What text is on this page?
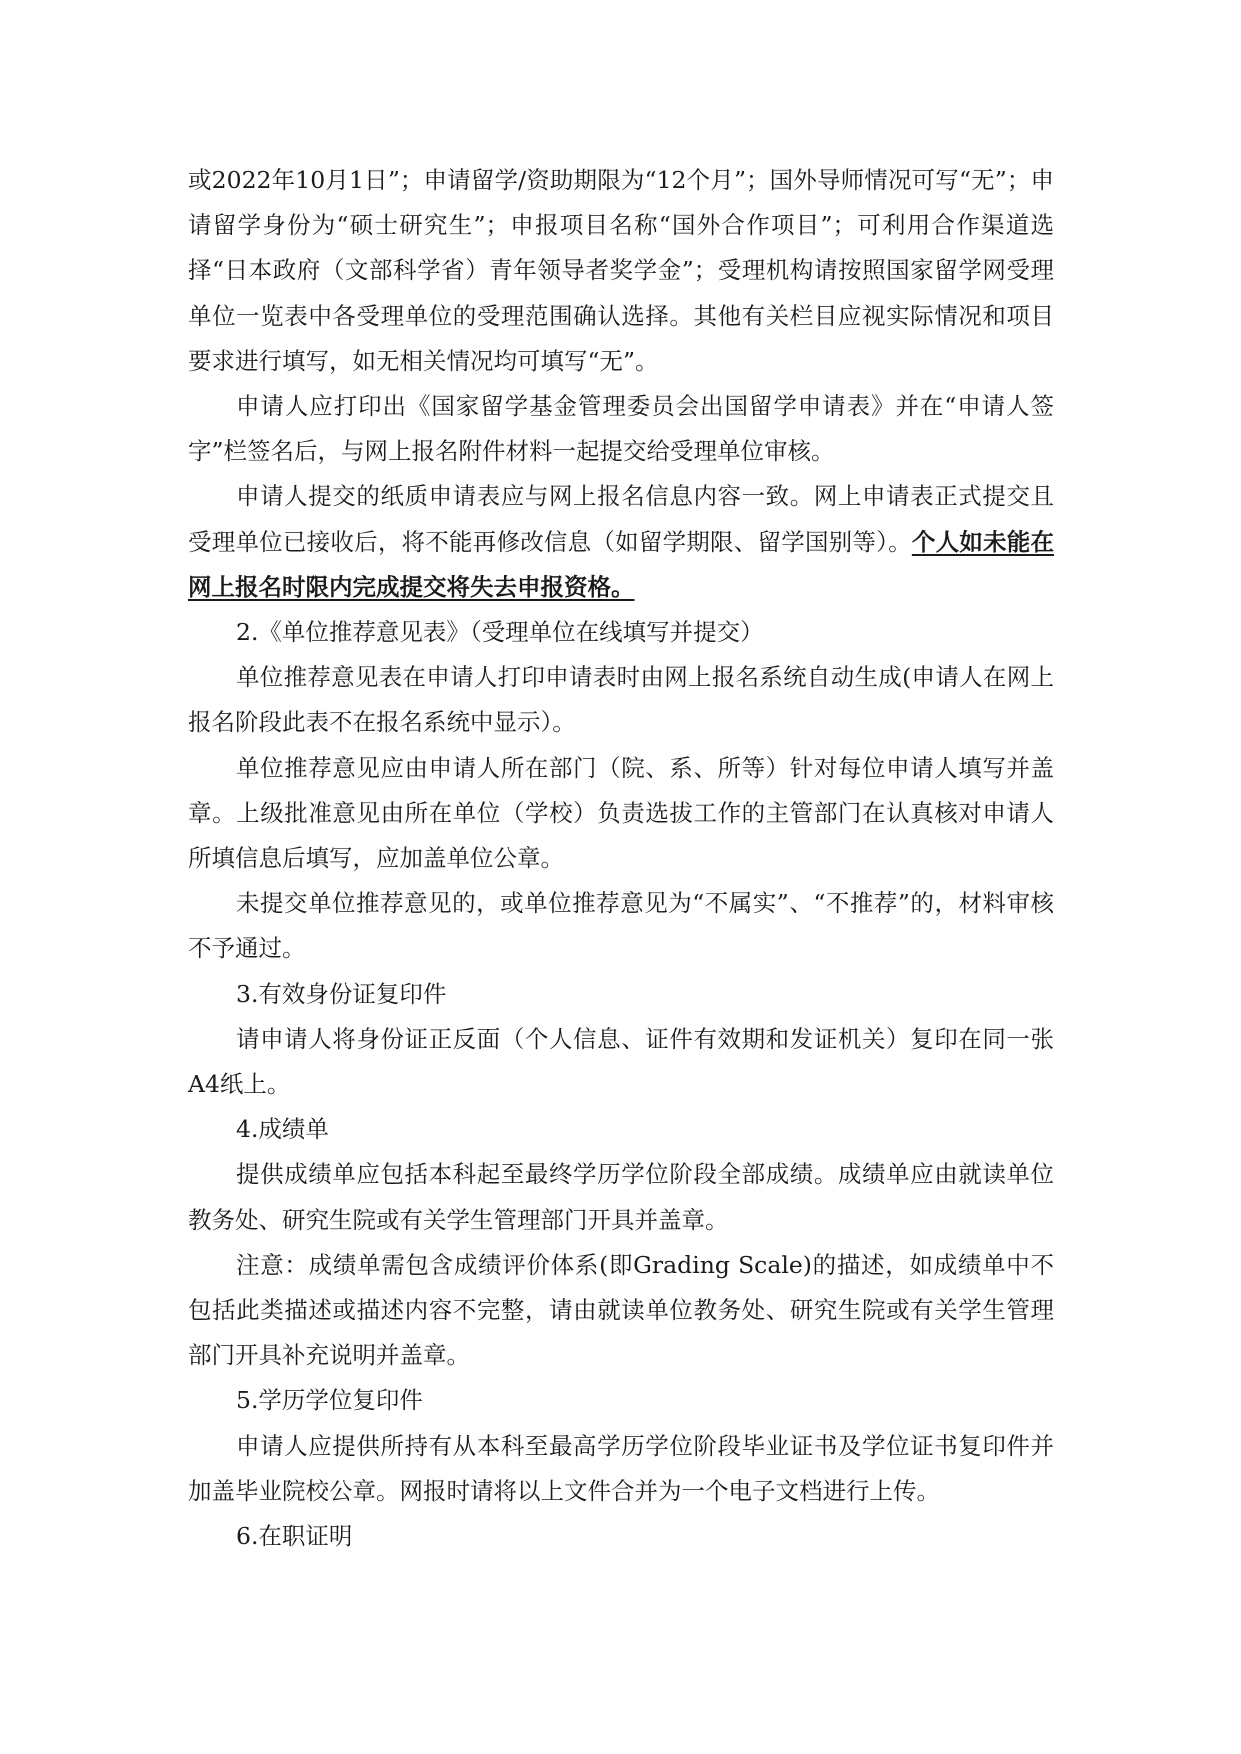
或2022年10月1日”；申请留学/资助期限为“12个月”；国外导师情况可写“无”；申请留学身份为“硕士研究生”；申报项目名称“国外合作项目”；可利用合作渠道选择“日本政府（文部科学省）青年领导者奖学金”；受理机构请按照国家留学网受理单位一览表中各受理单位的受理范围确认选择。其他有关栏目应视实际情况和项目要求进行填写，如无相关情况均可填写“无”。

申请人应打印出《国家留学基金管理委员会出国留学申请表》并在“申请人签字”栏签名后，与网上报名附件材料一起提交给受理单位审核。

申请人提交的纸质申请表应与网上报名信息内容一致。网上申请表正式提交且受理单位已接收后，将不能再修改信息（如留学期限、留学国别等）。个人如未能在网上报名时限内完成提交将失去申报资格。

2.《单位推荐意见表》（受理单位在线填写并提交）

单位推荐意见表在申请人打印申请表时由网上报名系统自动生成(申请人在网上报名阶段此表不在报名系统中显示）。

单位推荐意见应由申请人所在部门（院、系、所等）针对每位申请人填写并盖章。上级批准意见由所在单位（学校）负责选拔工作的主管部门在认真核对申请人所填信息后填写，应加盖单位公章。

未提交单位推荐意见的，或单位推荐意见为“不属实”、“不推荐”的，材料审核不予通过。

3.有效身份证复印件

请申请人将身份证正反面（个人信息、证件有效期和发证机关）复印在同一张A4纸上。

4.成绩单

提供成绩单应包括本科起至最终学历学位阶段全部成绩。成绩单应由就读单位教务处、研究生院或有关学生管理部门开具并盖章。

注意：成绩单需包含成绩评价体系(即Grading Scale)的描述，如成绩单中不包括此类描述或描述内容不完整，请由就读单位教务处、研究生院或有关学生管理部门开具补充说明并盖章。

5.学历学位复印件

申请人应提供所持有从本科至最高学历学位阶段毕业证书及学位证书复印件并加盖毕业院校公章。网报时请将以上文件合并为一个电子文档进行上传。

6.在职证明
